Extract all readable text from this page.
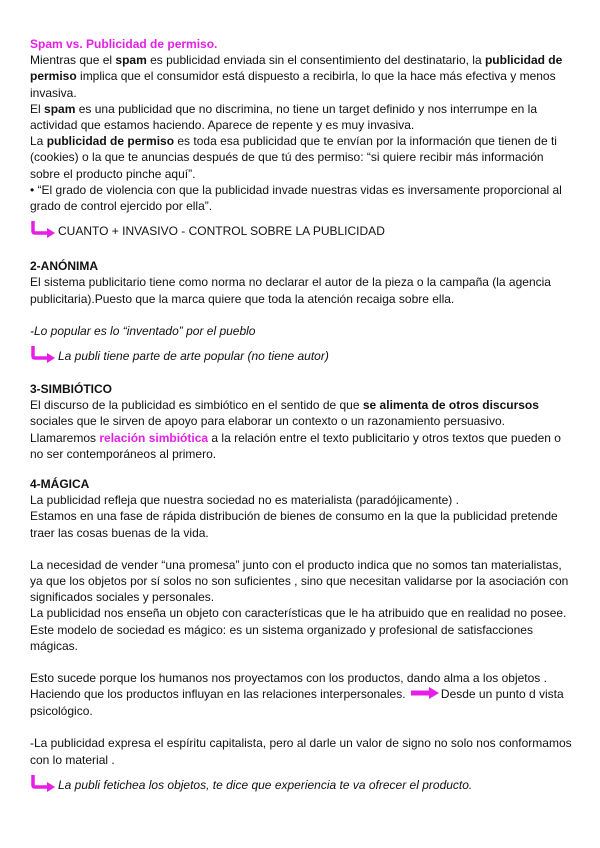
Spam vs. Publicidad de permiso.

Mientras que el spam es publicidad enviada sin el consentimiento del destinatario, la publicidad de permiso implica que el consumidor está dispuesto a recibirla, lo que la hace más efectiva y menos invasiva.

El spam es una publicidad que no discrimina, no tiene un target definido y nos interrumpe en la actividad que estamos haciendo. Aparece de repente y es muy invasiva.

La publicidad de permiso es toda esa publicidad que te envían por la información que tienen de ti (cookies) o la que te anuncias después de que tú des permiso: “si quiere recibir más información sobre el producto pinche aquí”.

• “El grado de violencia con que la publicidad invade nuestras vidas es inversamente proporcional al grado de control ejercido por ella”.

CUANTO + INVASIVO - CONTROL SOBRE LA PUBLICIDAD

2-ANÓNIMA

El sistema publicitario tiene como norma no declarar el autor de la pieza o la campaña (la agencia publicitaria).Puesto que la marca quiere que toda la atención recaiga sobre ella.

-Lo popular es lo “inventado” por el pueblo

La publi tiene parte de arte popular (no tiene autor)

3-SIMBIÓTICO

El discurso de la publicidad es simbiótico en el sentido de que se alimenta de otros discursos sociales que le sirven de apoyo para elaborar un contexto o un razonamiento persuasivo.

Llamaremos relación simbiótica a la relación entre el texto publicitario y otros textos que pueden o no ser contemporáneos al primero.

4-MÁGICA

La publicidad refleja que nuestra sociedad no es materialista (paradójicamente) .

Estamos en una fase de rápida distribución de bienes de consumo en la que la publicidad pretende traer las cosas buenas de la vida.

La necesidad de vender “una promesa” junto con el producto indica que no somos tan materialistas, ya que los objetos por sí solos no son suficientes , sino que necesitan validarse por la asociación con significados sociales y personales.

La publicidad nos enseña un objeto con características que le ha atribuido que en realidad no posee.

Este modelo de sociedad es mágico: es un sistema organizado y profesional de satisfacciones mágicas.

Esto sucede porque los humanos nos proyectamos con los productos, dando alma a los objetos . Haciendo que los productos influyan en las relaciones interpersonales.	Desde un punto d vista psicológico.

-La publicidad expresa el espíritu capitalista, pero al darle un valor de signo no solo nos conformamos con lo material .

La publi fetichea los objetos, te dice que experiencia te va ofrecer el producto.
